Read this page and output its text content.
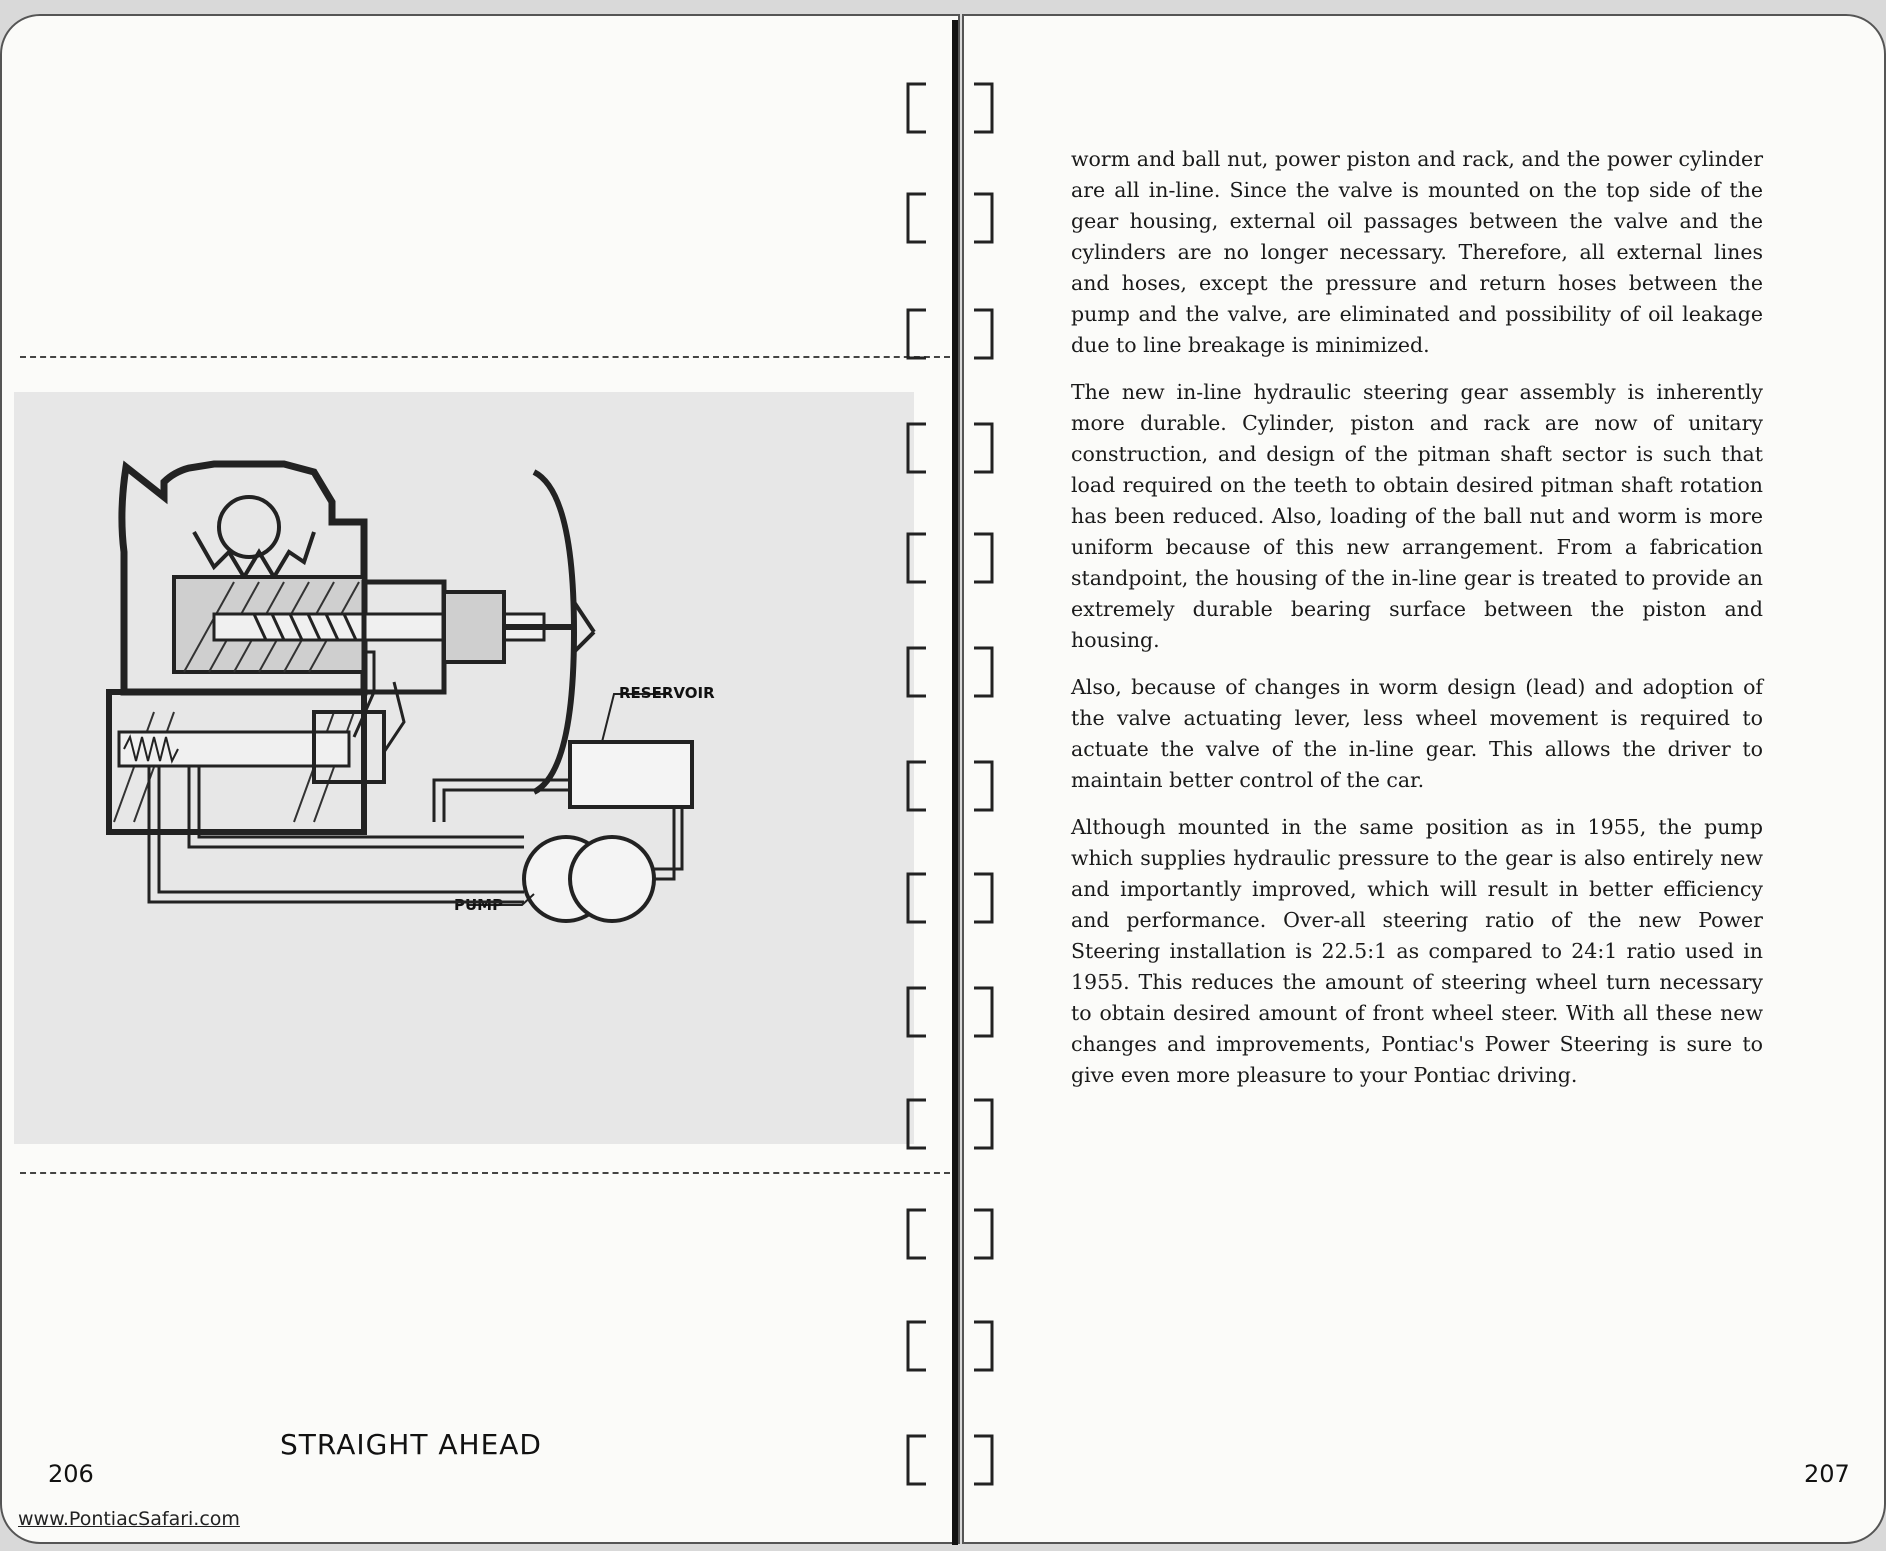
RESERVOIR
PUMP
STRAIGHT AHEAD

worm and ball nut, power piston and rack, and the power cylinder are all in-line. Since the valve is mounted on the top side of the gear housing, external oil passages between the valve and the cylinders are no longer necessary. Therefore, all external lines and hoses, except the pressure and return hoses between the pump and the valve, are eliminated and possibility of oil leakage due to line breakage is minimized.

The new in-line hydraulic steering gear assembly is inherently more durable. Cylinder, piston and rack are now of unitary construction, and design of the pitman shaft sector is such that load required on the teeth to obtain desired pitman shaft rotation has been reduced. Also, loading of the ball nut and worm is more uniform because of this new arrangement. From a fabrication standpoint, the housing of the in-line gear is treated to provide an extremely durable bearing surface between the piston and housing.

Also, because of changes in worm design (lead) and adoption of the valve actuating lever, less wheel movement is required to actuate the valve of the in-line gear. This allows the driver to maintain better control of the car.

Although mounted in the same position as in 1955, the pump which supplies hydraulic pressure to the gear is also entirely new and importantly improved, which will result in better efficiency and performance. Over-all steering ratio of the new Power Steering installation is 22.5:1 as compared to 24:1 ratio used in 1955. This reduces the amount of steering wheel turn necessary to obtain desired amount of front wheel steer. With all these new changes and improvements, Pontiac's Power Steering is sure to give even more pleasure to your Pontiac driving.

206	207
www.PontiacSafari.com
